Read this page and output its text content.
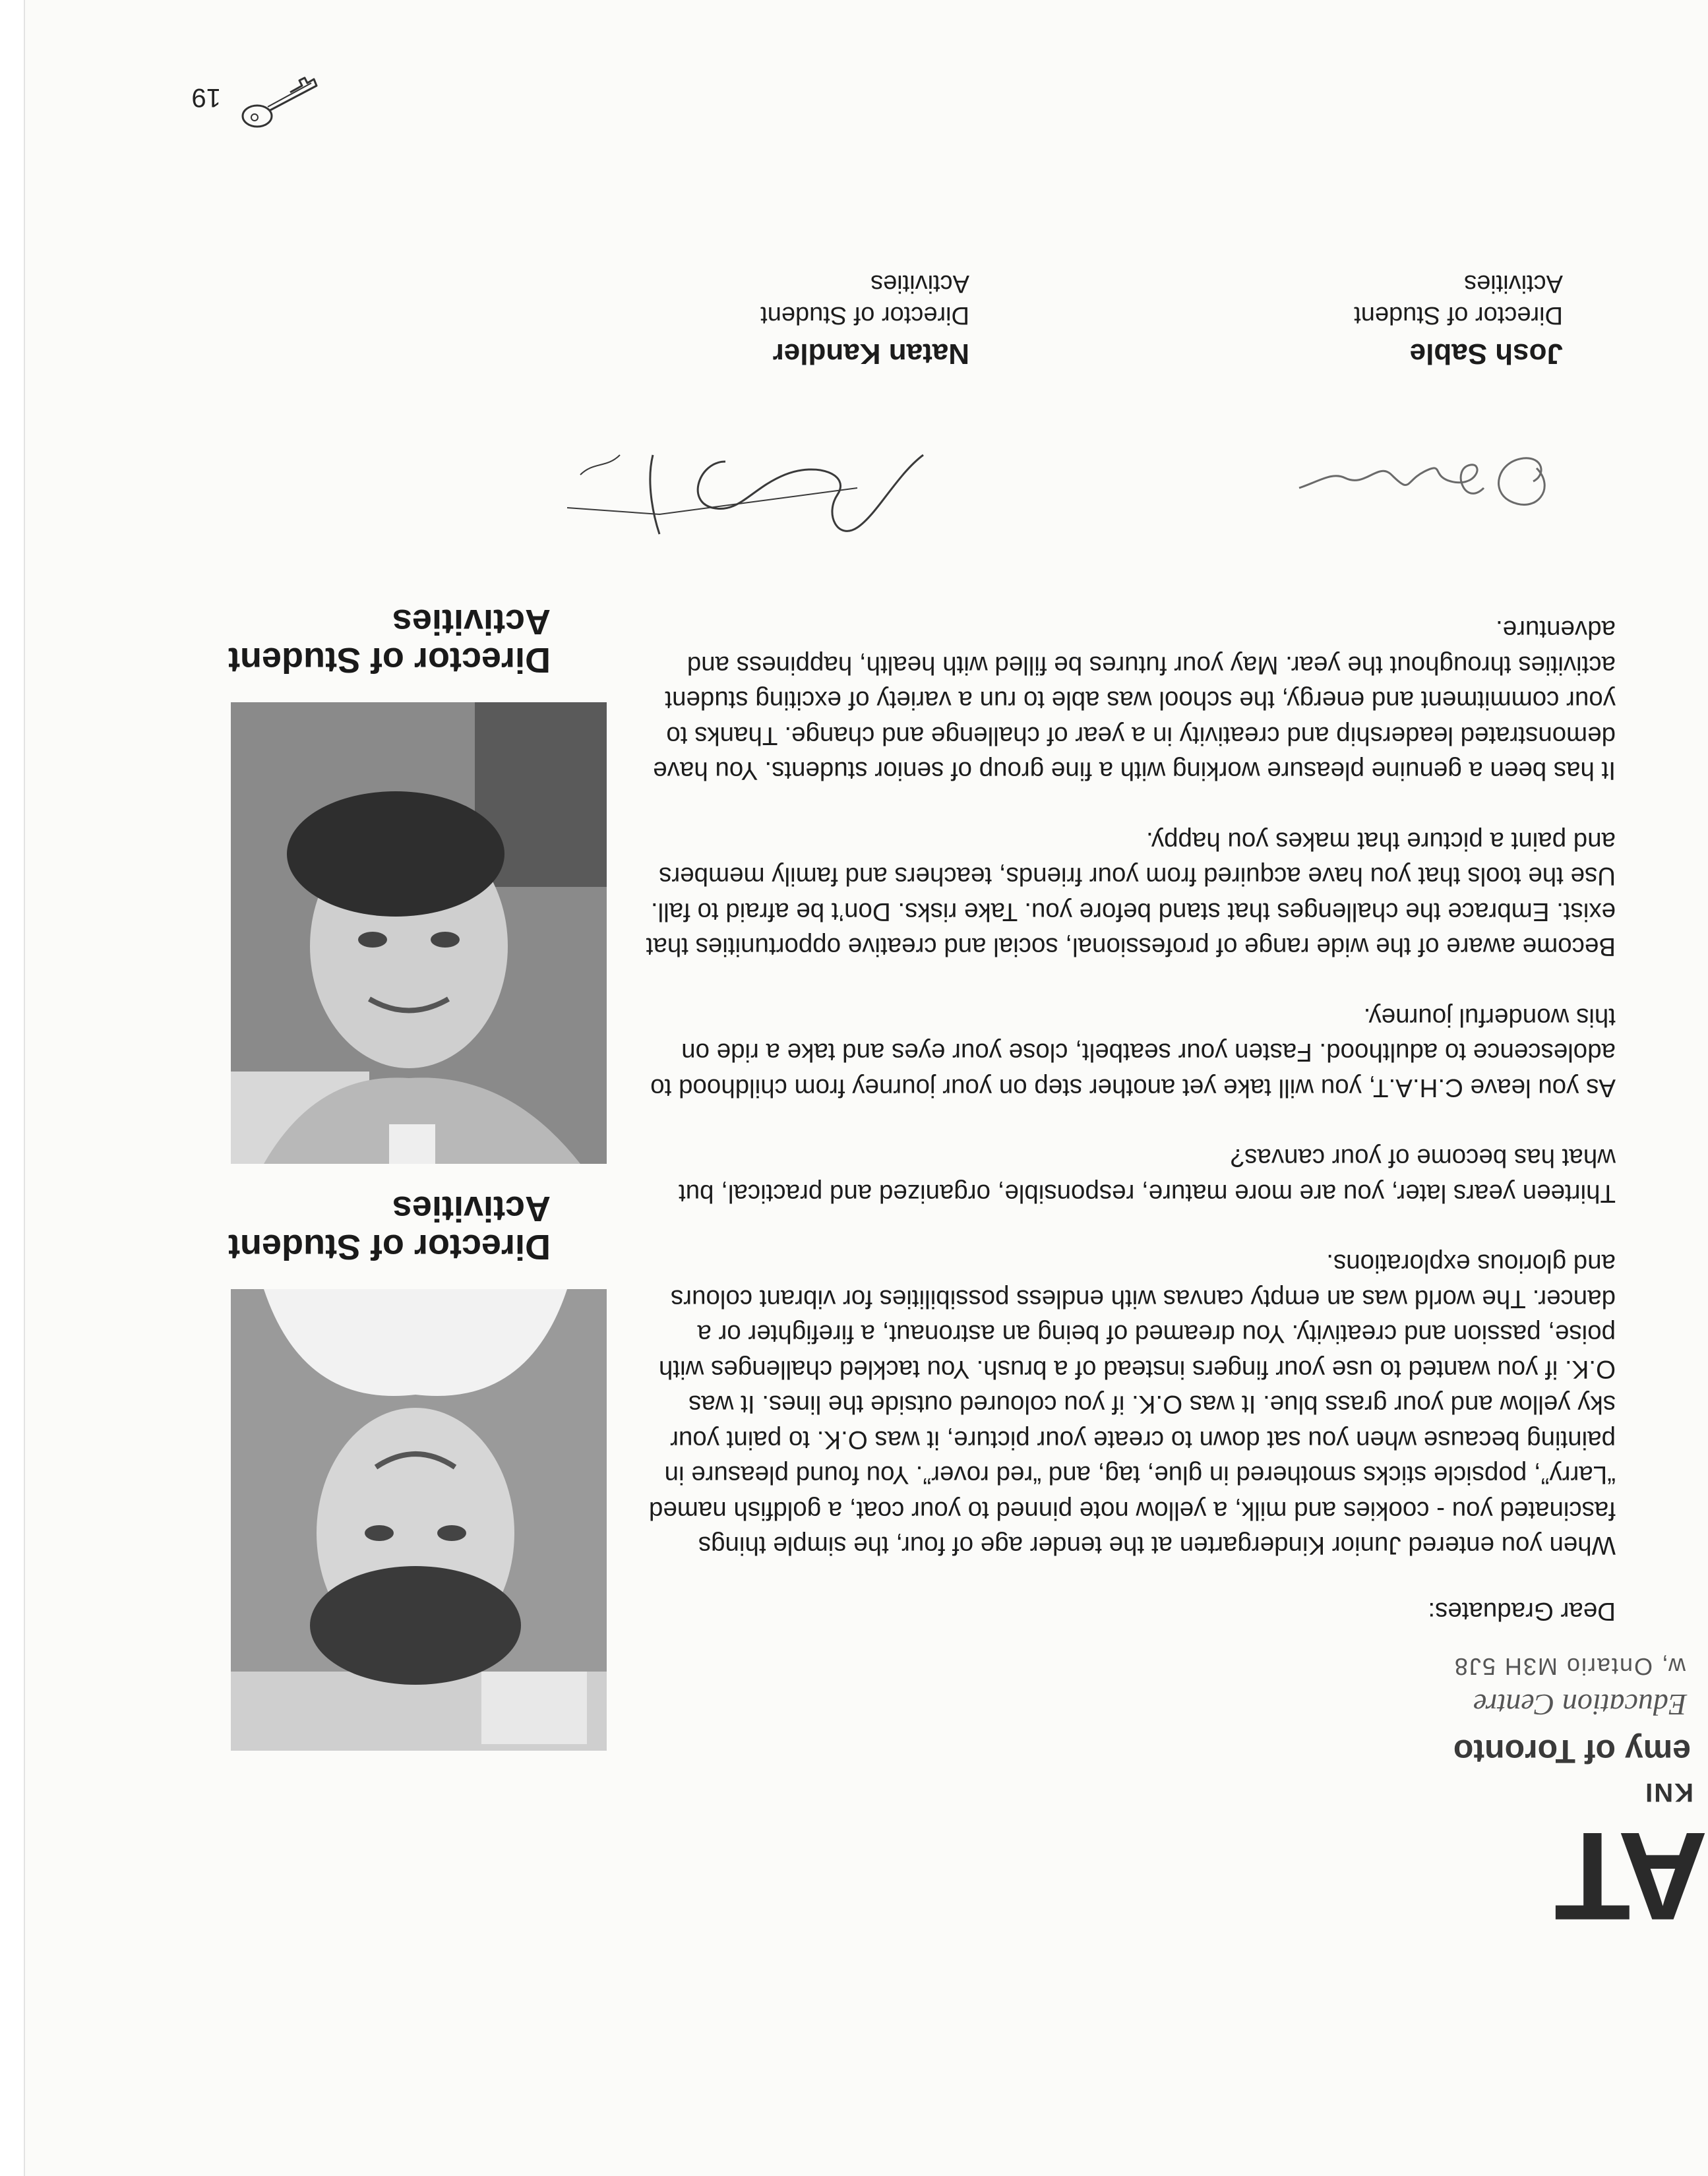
AT
KNI
emy of Toronto
Education Centre
w, Ontario M3H 5J8

Dear Graduates:

When you entered Junior Kindergarten at the tender age of four, the simple things fascinated you - cookies and milk, a yellow note pinned to your coat, a goldfish named “Larry”, popsicle sticks smothered in glue, tag, and “red rover”. You found pleasure in painting because when you sat down to create your picture, it was O.K. to paint your sky yellow and your grass blue. It was O.K. if you coloured outside the lines. It was O.K. if you wanted to use your fingers instead of a brush. You tackled challenges with poise, passion and creativity. You dreamed of being an astronaut, a firefighter or a dancer. The world was an empty canvas with endless possibilities for vibrant colours and glorious explorations.

Thirteen years later, you are more mature, responsible, organized and practical, but what has become of your canvas?

As you leave C.H.A.T, you will take yet another step on your journey from childhood to adolescence to adulthood. Fasten your seatbelt, close your eyes and take a ride on this wonderful journey.

Become aware of the wide range of professional, social and creative opportunities that exist. Embrace the challenges that stand before you. Take risks. Don’t be afraid to fall. Use the tools that you have acquired from your friends, teachers and family members and paint a picture that makes you happy.

It has been a genuine pleasure working with a fine group of senior students. You have demonstrated leadership and creativity in a year of challenge and change. Thanks to your commitment and energy, the school was able to run a variety of exciting student activities throughout the year. May your futures be filled with health, happiness and adventure.

Director of Student Activities
Director of Student Activities
Josh Sable
Director of Student Activities
Natan Kandler
Director of Student Activities
19
